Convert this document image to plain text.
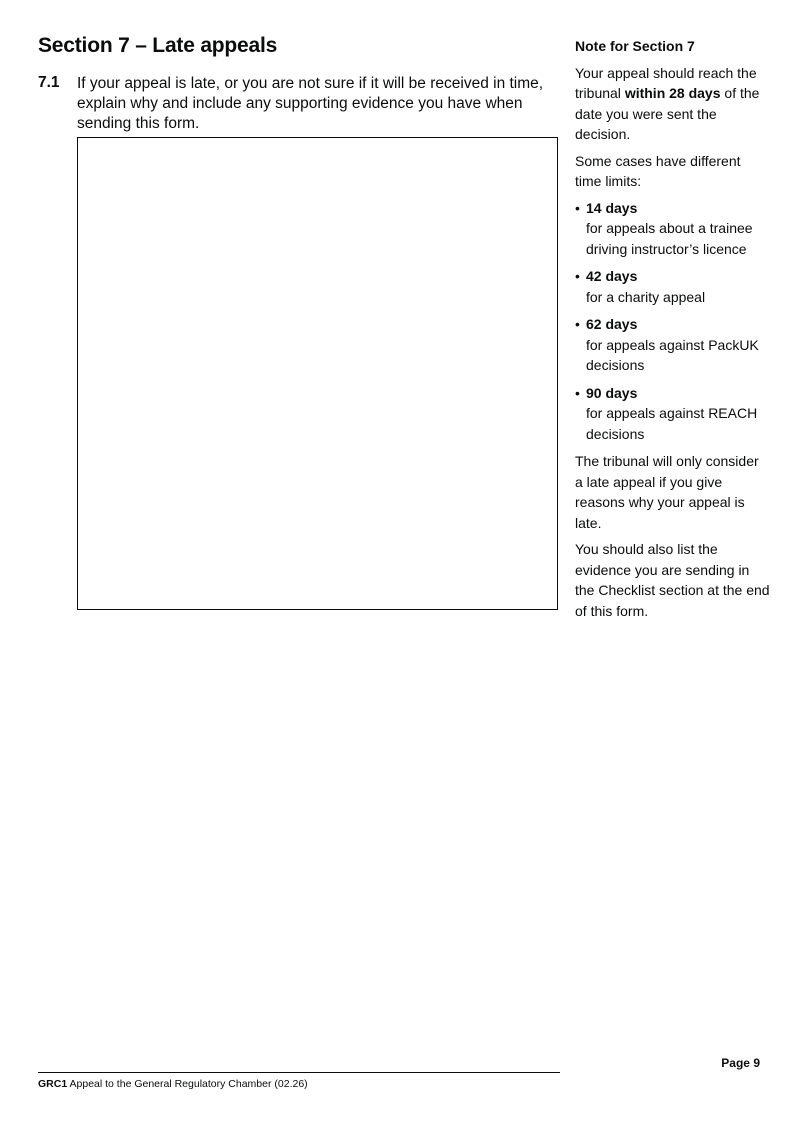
Section 7 – Late appeals
7.1 If your appeal is late, or you are not sure if it will be received in time, explain why and include any supporting evidence you have when sending this form.

Note for Section 7

Your appeal should reach the tribunal within 28 days of the date you were sent the decision.

Some cases have different time limits:

• 14 days
for appeals about a trainee driving instructor’s licence
• 42 days
for a charity appeal
• 62 days
for appeals against PackUK decisions
• 90 days
for appeals against REACH decisions

The tribunal will only consider a late appeal if you give reasons why your appeal is late.

You should also list the evidence you are sending in the Checklist section at the end of this form.

Page 9
GRC1 Appeal to the General Regulatory Chamber (02.26)
